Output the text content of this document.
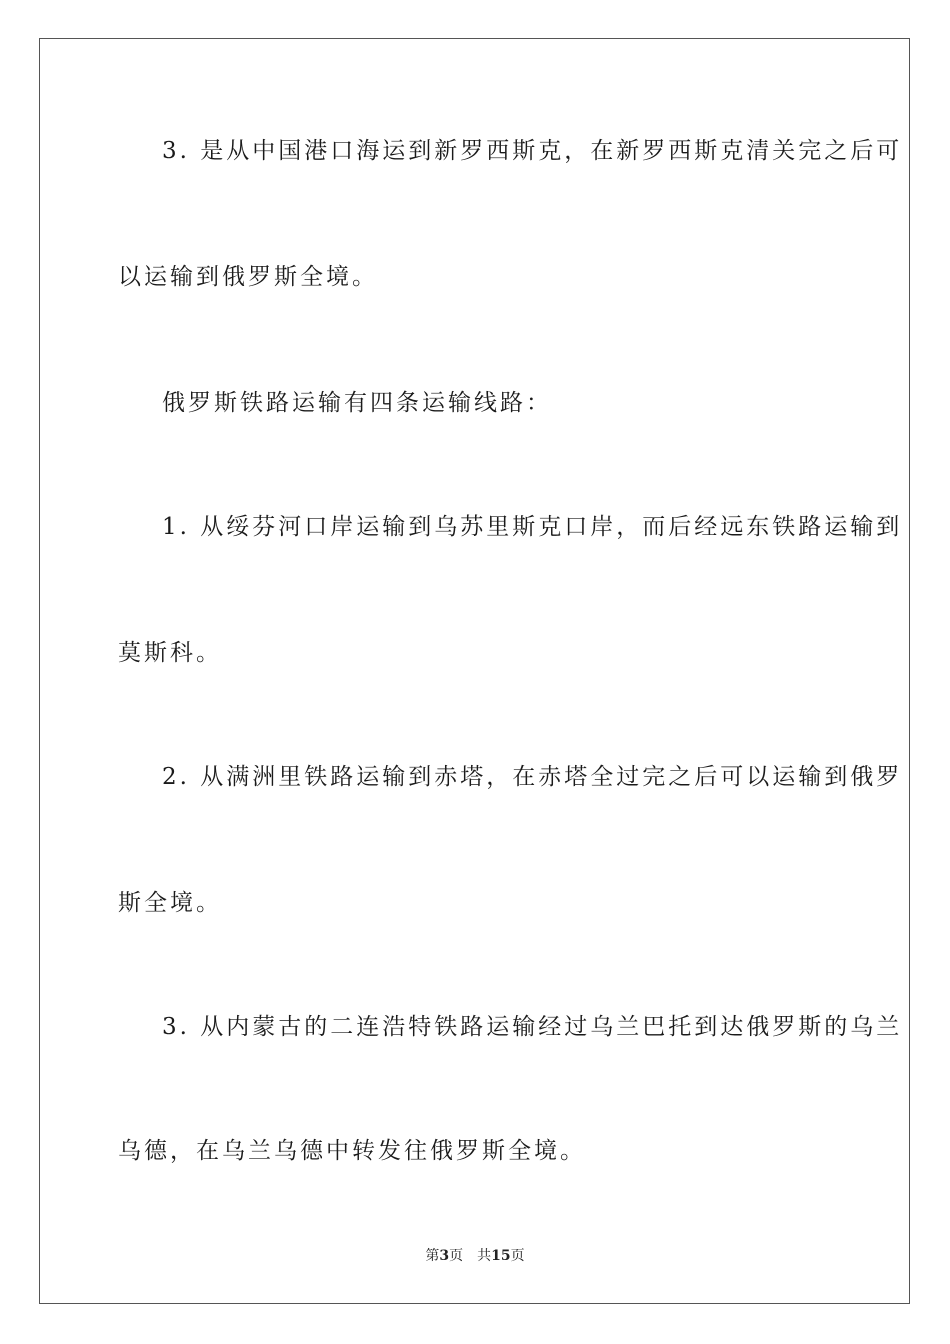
3. 是从中国港口海运到新罗西斯克，在新罗西斯克清关完之后可
以运输到俄罗斯全境。
俄罗斯铁路运输有四条运输线路：
1. 从绥芬河口岸运输到乌苏里斯克口岸，而后经远东铁路运输到
莫斯科。
2. 从满洲里铁路运输到赤塔，在赤塔全过完之后可以运输到俄罗
斯全境。
3. 从内蒙古的二连浩特铁路运输经过乌兰巴托到达俄罗斯的乌兰
乌德，在乌兰乌德中转发往俄罗斯全境。
第3页 共15页
